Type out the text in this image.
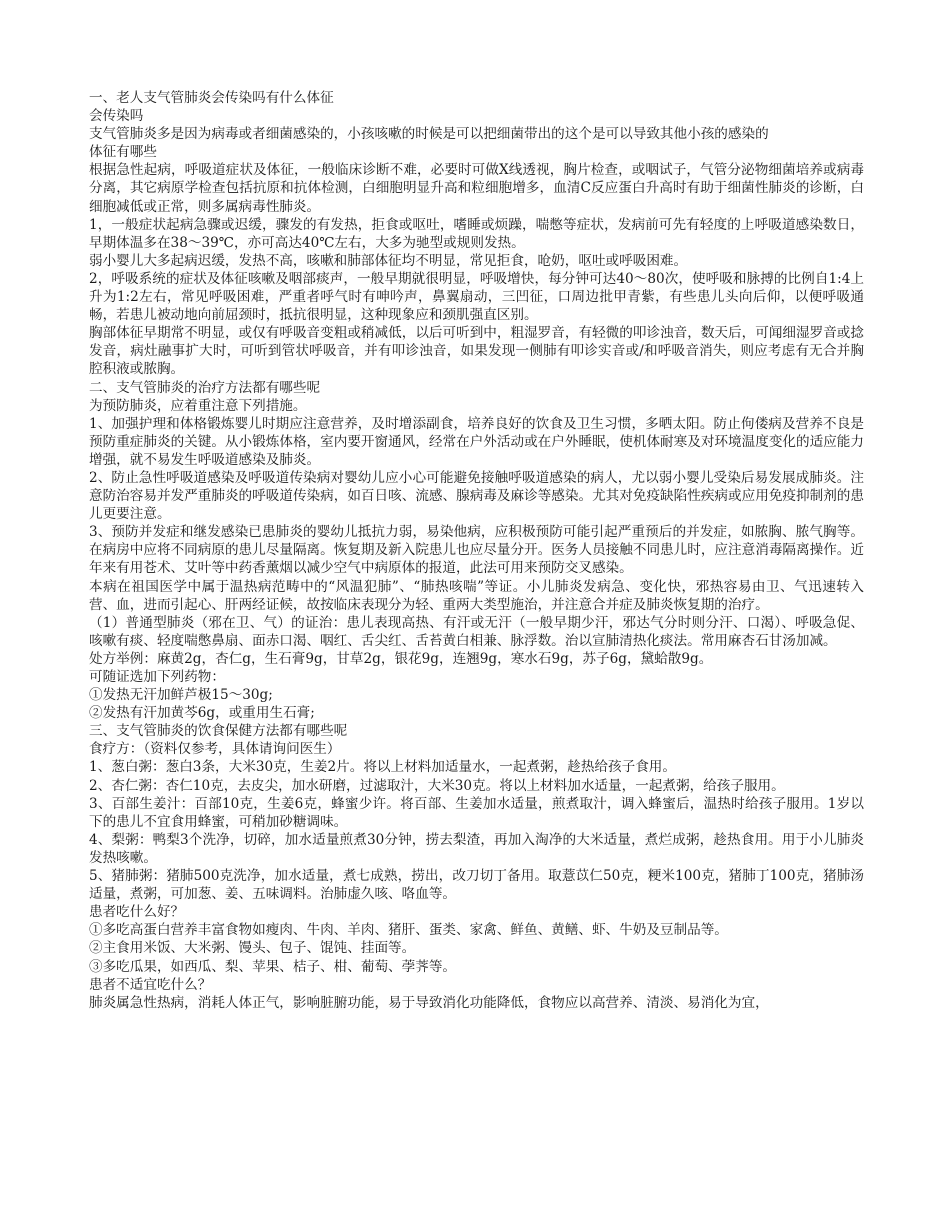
一、老人支气管肺炎会传染吗有什么体征

会传染吗

支气管肺炎多是因为病毒或者细菌感染的，小孩咳嗽的时候是可以把细菌带出的这个是可以导致其他小孩的感染的

体征有哪些

根据急性起病，呼吸道症状及体征，一般临床诊断不难，必要时可做X线透视，胸片检查，或咽试子，气管分泌物细菌培养或病毒分离，其它病原学检查包括抗原和抗体检测，白细胞明显升高和粒细胞增多，血清C反应蛋白升高时有助于细菌性肺炎的诊断，白细胞减低或正常，则多属病毒性肺炎。

1，一般症状起病急骤或迟缓，骤发的有发热，拒食或呕吐，嗜睡或烦躁，喘憋等症状，发病前可先有轻度的上呼吸道感染数日，早期体温多在38～39℃，亦可高达40℃左右，大多为驰型或规则发热。

弱小婴儿大多起病迟缓，发热不高，咳嗽和肺部体征均不明显，常见拒食，呛奶，呕吐或呼吸困难。

2，呼吸系统的症状及体征咳嗽及咽部痰声，一般早期就很明显，呼吸增快，每分钟可达40～80次，使呼吸和脉搏的比例自1:4上升为1:2左右，常见呼吸困难，严重者呼气时有呻吟声，鼻翼扇动，三凹征，口周边批甲青紫，有些患儿头向后仰，以便呼吸通畅，若患儿被动地向前屈颈时，抵抗很明显，这种现象应和颈肌强直区别。

胸部体征早期常不明显，或仅有呼吸音变粗或稍减低，以后可听到中，粗湿罗音，有轻微的叩诊浊音，数天后，可闻细湿罗音或捻发音，病灶融事扩大时，可听到管状呼吸音，并有叩诊浊音，如果发现一侧肺有叩诊实音或/和呼吸音消失，则应考虑有无合并胸腔积液或脓胸。

二、支气管肺炎的治疗方法都有哪些呢

为预防肺炎，应着重注意下列措施。

1、加强护理和体格锻炼婴儿时期应注意营养，及时增添副食，培养良好的饮食及卫生习惯，多晒太阳。防止佝偻病及营养不良是预防重症肺炎的关键。从小锻炼体格，室内要开窗通风，经常在户外活动或在户外睡眠，使机体耐寒及对环境温度变化的适应能力增强，就不易发生呼吸道感染及肺炎。

2、防止急性呼吸道感染及呼吸道传染病对婴幼儿应小心可能避免接触呼吸道感染的病人，尤以弱小婴儿受染后易发展成肺炎。注意防治容易并发严重肺炎的呼吸道传染病，如百日咳、流感、腺病毒及麻诊等感染。尤其对免疫缺陷性疾病或应用免疫抑制剂的患儿更要注意。

3、预防并发症和继发感染已患肺炎的婴幼儿抵抗力弱，易染他病，应积极预防可能引起严重预后的并发症，如脓胸、脓气胸等。在病房中应将不同病原的患儿尽量隔离。恢复期及新入院患儿也应尽量分开。医务人员接触不同患儿时，应注意消毒隔离操作。近年来有用苍术、艾叶等中药香薰烟以减少空气中病原体的报道，此法可用来预防交叉感染。

本病在祖国医学中属于温热病范畴中的“风温犯肺”、“肺热咳喘”等证。小儿肺炎发病急、变化快，邪热容易由卫、气迅速转入营、血，进而引起心、肝两经证候，故按临床表现分为轻、重两大类型施治，并注意合并症及肺炎恢复期的治疗。

（1）普通型肺炎（邪在卫、气）的证治：患儿表现高热、有汗或无汗（一般早期少汗，邪达气分时则分汗、口渴）、呼吸急促、咳嗽有痰、轻度喘憋鼻扇、面赤口渴、咽红、舌尖红、舌苔黄白相兼、脉浮数。治以宣肺清热化痰法。常用麻杏石甘汤加减。

处方举例：麻黄2g，杏仁g，生石膏9g，甘草2g，银花9g，连翘9g，寒水石9g，苏子6g，黛蛤散9g。

可随证选加下列药物：

①发热无汗加鲜芦极15～30g;

②发热有汗加黄芩6g，或重用生石膏;

三、支气管肺炎的饮食保健方法都有哪些呢

食疗方：（资料仅参考，具体请询问医生）

1、葱白粥：葱白3条，大米30克，生姜2片。将以上材料加适量水，一起煮粥，趁热给孩子食用。

2、杏仁粥：杏仁10克，去皮尖，加水研磨，过滤取汁，大米30克。将以上材料加水适量，一起煮粥，给孩子服用。

3、百部生姜汁：百部10克，生姜6克，蜂蜜少许。将百部、生姜加水适量，煎煮取汁，调入蜂蜜后，温热时给孩子服用。1岁以下的患儿不宜食用蜂蜜，可稍加砂糖调味。

4、梨粥：鸭梨3个洗净，切碎，加水适量煎煮30分钟，捞去梨渣，再加入淘净的大米适量，煮烂成粥，趁热食用。用于小儿肺炎发热咳嗽。

5、猪肺粥：猪肺500克洗净，加水适量，煮七成熟，捞出，改刀切丁备用。取薏苡仁50克，粳米100克，猪肺丁100克，猪肺汤适量，煮粥，可加葱、姜、五味调料。治肺虚久咳、咯血等。

患者吃什么好？

①多吃高蛋白营养丰富食物如瘦肉、牛肉、羊肉、猪肝、蛋类、家禽、鲜鱼、黄鳝、虾、牛奶及豆制品等。

②主食用米饭、大米粥、馒头、包子、馄饨、挂面等。

③多吃瓜果，如西瓜、梨、苹果、桔子、柑、葡萄、荸荠等。

患者不适宜吃什么？

肺炎属急性热病，消耗人体正气，影响脏腑功能，易于导致消化功能降低，食物应以高营养、清淡、易消化为宜，
